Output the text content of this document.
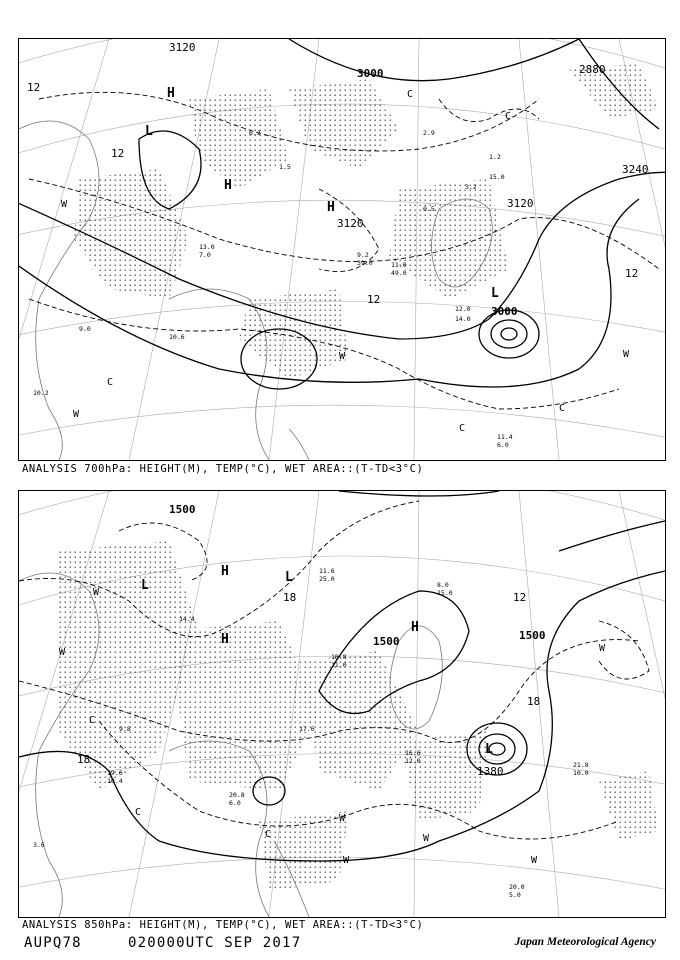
3120
3000
3120
3240
3000
3120
2880
12
12
12
12
H
H
L
L
H
W
W	W
W
C
C
C
C
C
11.4
6.0
10.2
9.0
11.0
49.0
12.0
14.0
6.2
1.5
9.2
39.0
13.0
7.0
2.9
0.5
1.2
3.2
15.0
10.6
ANALYSIS 700hPa: HEIGHT(M), TEMP(°C), WET AREA::(T-TD<3°C)
1500
1500	1500
1380
18
18
12
18
L
L
H
H
H
L
W
W
W
W
W
W
C
C
C
W
20.0
5.0
21.8
10.0
16.6
12.0
18.8
11.0
19.6
10.4
8.0
15.0
11.6
25.0
17.6
20.8
6.0
9.8
14.4
3.6
ANALYSIS 850hPa: HEIGHT(M), TEMP(°C), WET AREA::(T-TD<3°C)
AUPQ78	020000UTC SEP 2017	Japan Meteorological Agency
